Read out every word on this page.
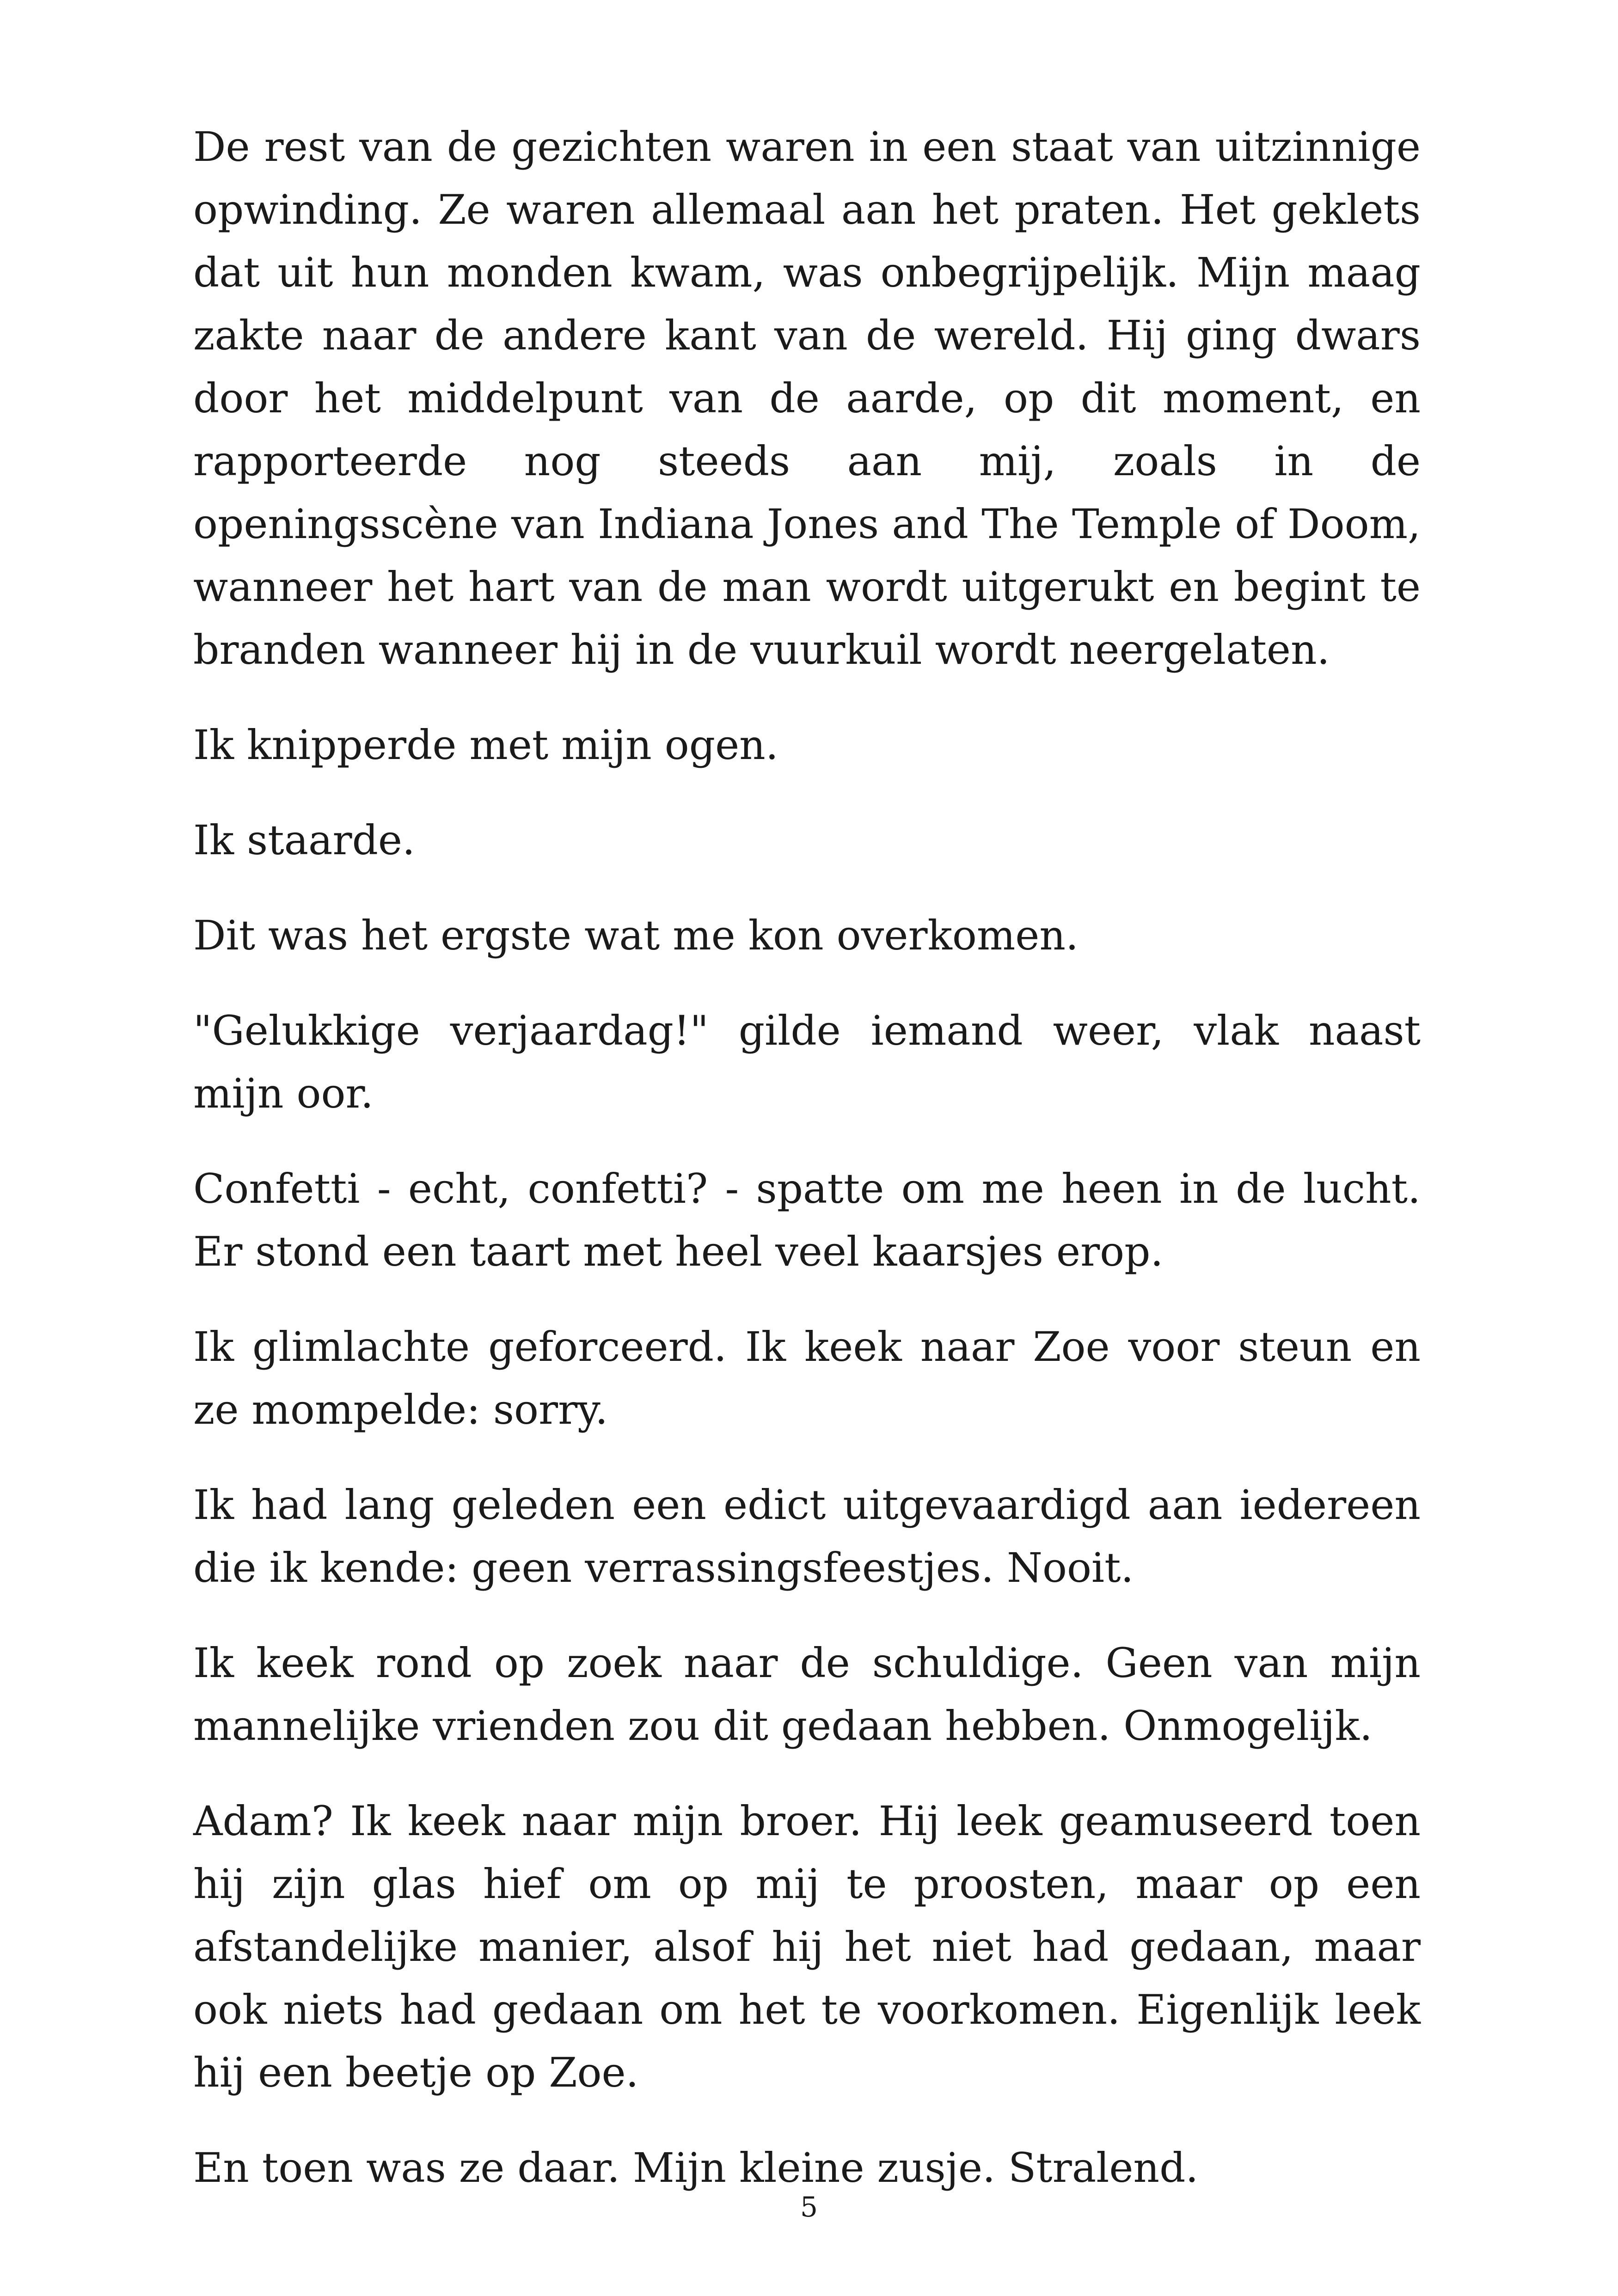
De rest van de gezichten waren in een staat van uitzinnige opwinding. Ze waren allemaal aan het praten. Het geklets dat uit hun monden kwam, was onbegrijpelijk. Mijn maag zakte naar de andere kant van de wereld. Hij ging dwars door het middelpunt van de aarde, op dit moment, en rapporteerde nog steeds aan mij, zoals in de openingsscène van Indiana Jones and The Temple of Doom, wanneer het hart van de man wordt uitgerukt en begint te branden wanneer hij in de vuurkuil wordt neergelaten.

Ik knipperde met mijn ogen.

Ik staarde.

Dit was het ergste wat me kon overkomen.

"Gelukkige verjaardag!" gilde iemand weer, vlak naast mijn oor.

Confetti - echt, confetti? - spatte om me heen in de lucht. Er stond een taart met heel veel kaarsjes erop.

Ik glimlachte geforceerd. Ik keek naar Zoe voor steun en ze mompelde: sorry.

Ik had lang geleden een edict uitgevaardigd aan iedereen die ik kende: geen verrassingsfeestjes. Nooit.

Ik keek rond op zoek naar de schuldige. Geen van mijn mannelijke vrienden zou dit gedaan hebben. Onmogelijk.

Adam? Ik keek naar mijn broer. Hij leek geamuseerd toen hij zijn glas hief om op mij te proosten, maar op een afstandelijke manier, alsof hij het niet had gedaan, maar ook niets had gedaan om het te voorkomen. Eigenlijk leek hij een beetje op Zoe.

En toen was ze daar. Mijn kleine zusje. Stralend.

5
